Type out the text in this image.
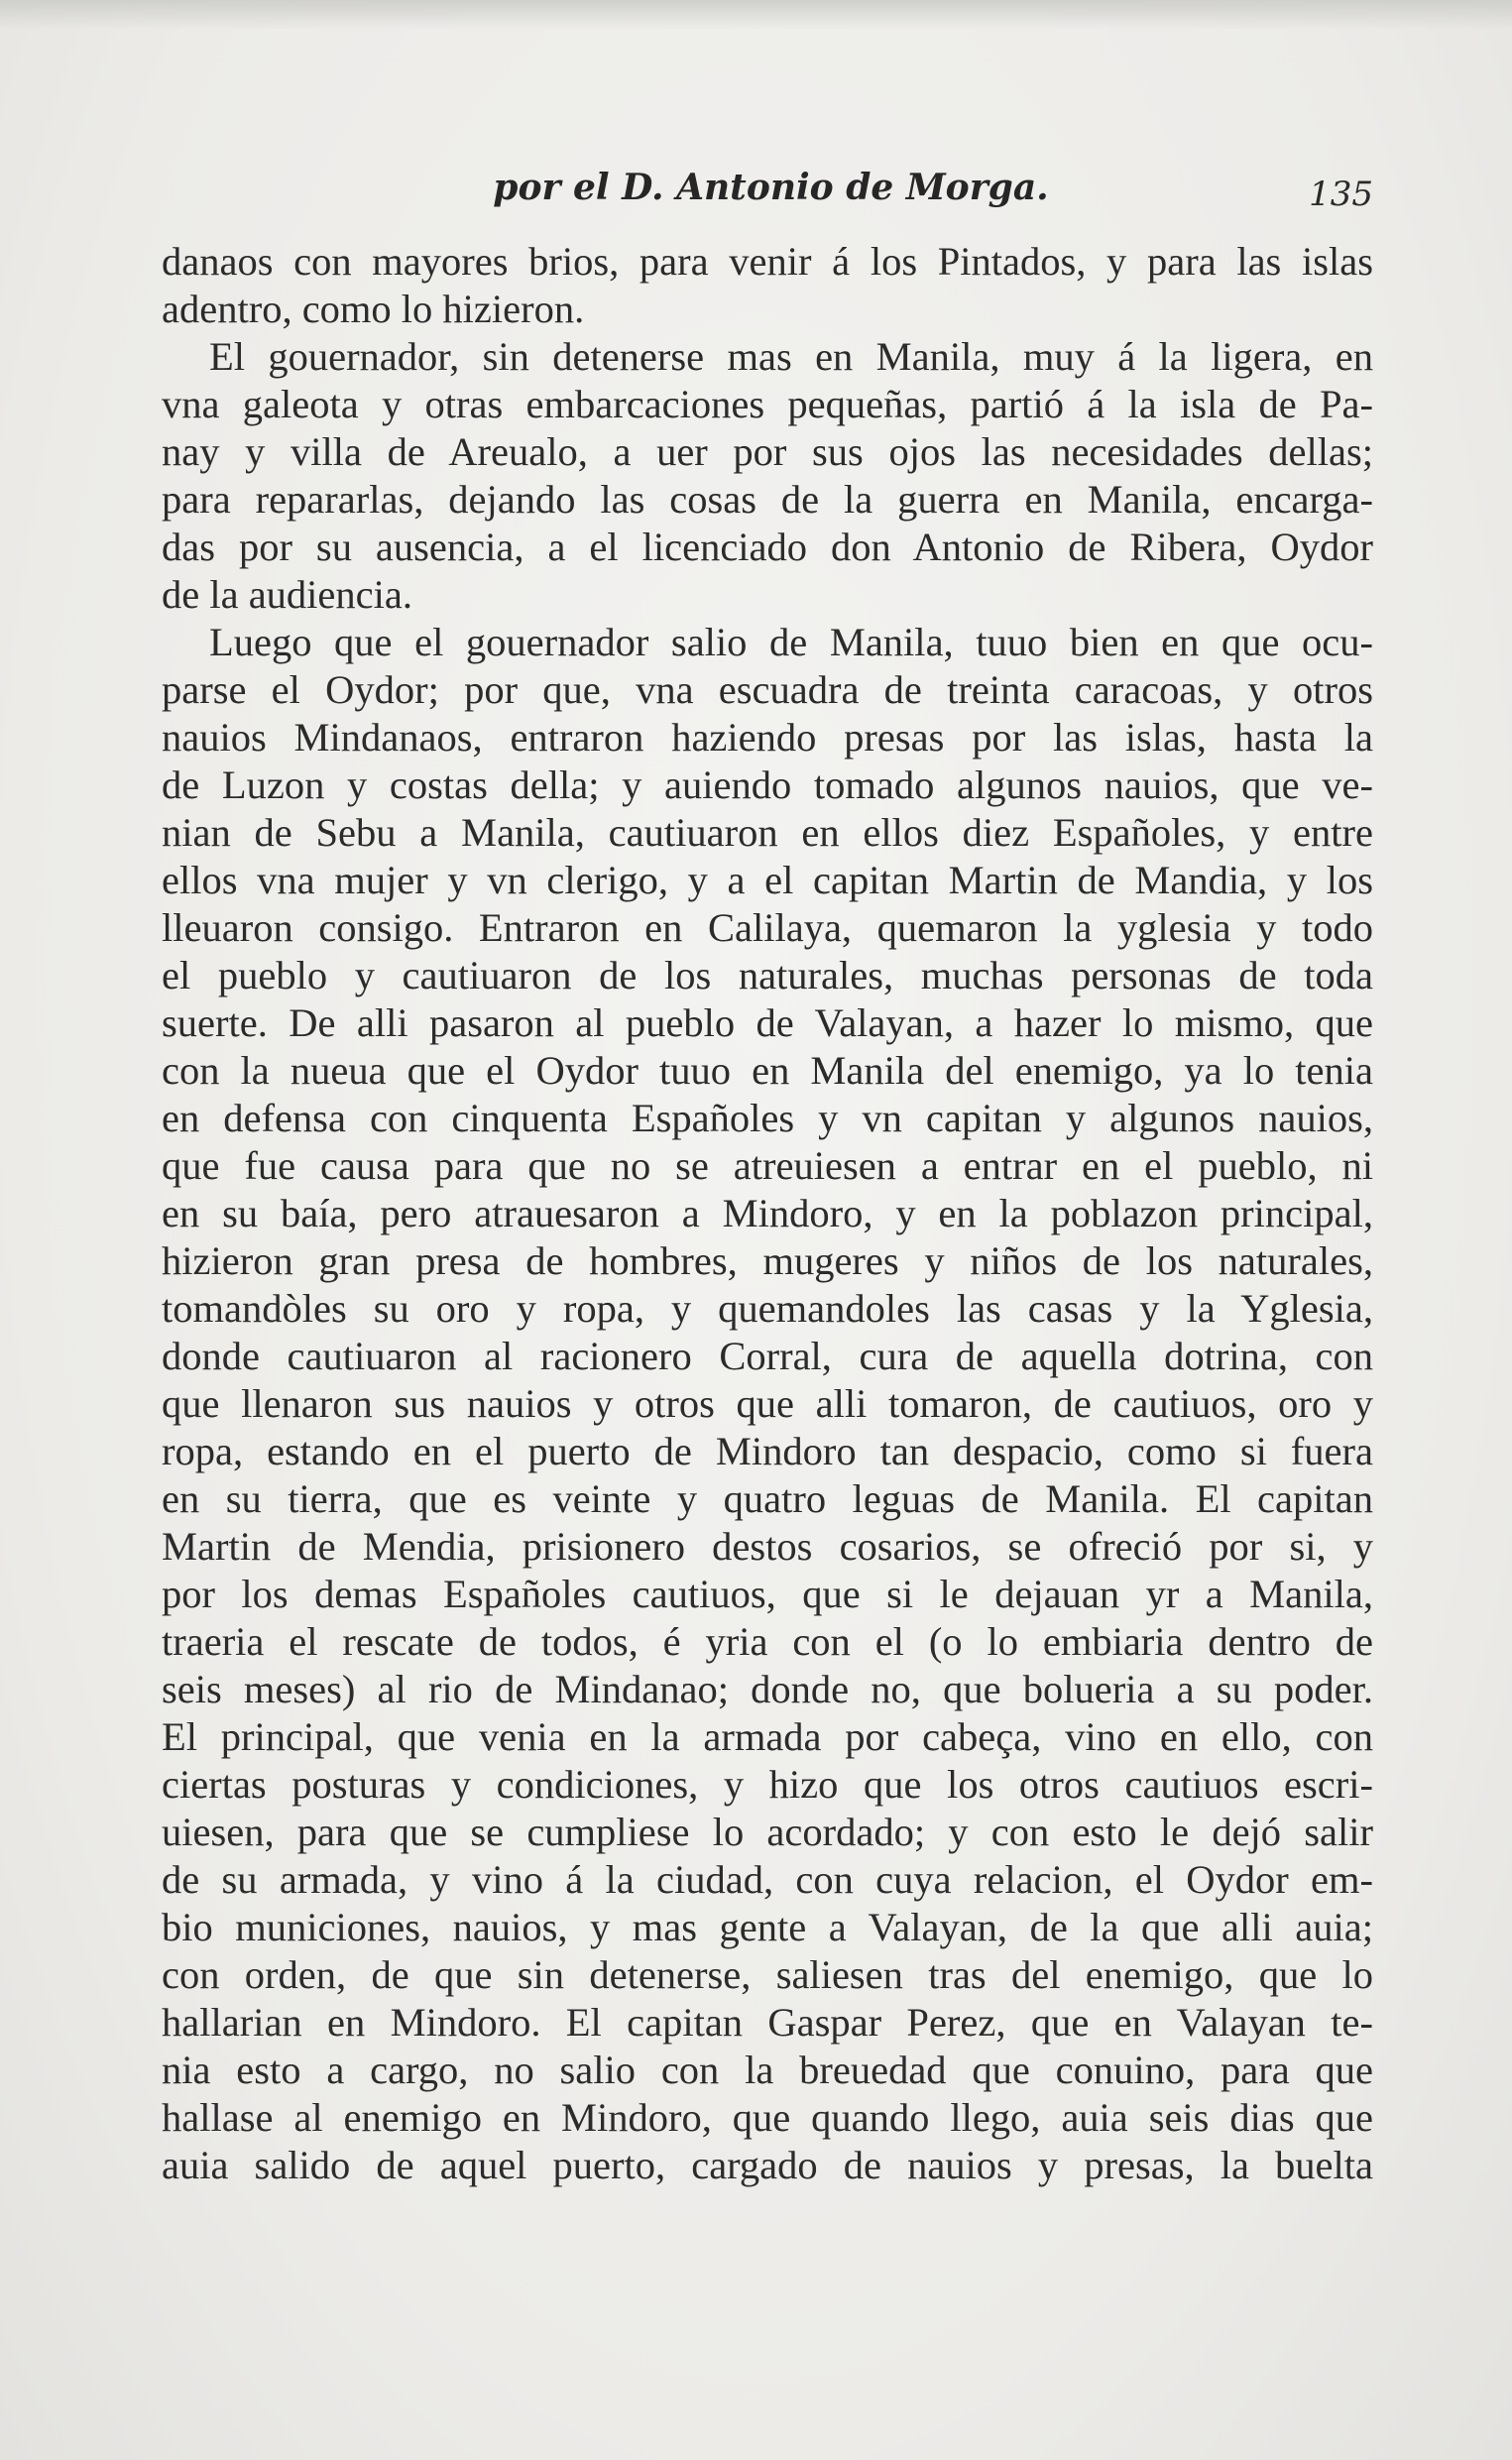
por el D. Antonio de Morga.	135
danaos con mayores brios, para venir á los Pintados, y para las islas
adentro, como lo hizieron.
El gouernador, sin detenerse mas en Manila, muy á la ligera, en
vna galeota y otras embarcaciones pequeñas, partió á la isla de Pa-
nay y villa de Areualo, a uer por sus ojos las necesidades dellas;
para repararlas, dejando las cosas de la guerra en Manila, encarga-
das por su ausencia, a el licenciado don Antonio de Ribera, Oydor
de la audiencia.
Luego que el gouernador salio de Manila, tuuo bien en que ocu-
parse el Oydor; por que, vna escuadra de treinta caracoas, y otros
nauios Mindanaos, entraron haziendo presas por las islas, hasta la
de Luzon y costas della; y auiendo tomado algunos nauios, que ve-
nian de Sebu a Manila, cautiuaron en ellos diez Españoles, y entre
ellos vna mujer y vn clerigo, y a el capitan Martin de Mandia, y los
lleuaron consigo. Entraron en Calilaya, quemaron la yglesia y todo
el pueblo y cautiuaron de los naturales, muchas personas de toda
suerte. De alli pasaron al pueblo de Valayan, a hazer lo mismo, que
con la nueua que el Oydor tuuo en Manila del enemigo, ya lo tenia
en defensa con cinquenta Españoles y vn capitan y algunos nauios,
que fue causa para que no se atreuiesen a entrar en el pueblo, ni
en su baía, pero atrauesaron a Mindoro, y en la poblazon principal,
hizieron gran presa de hombres, mugeres y niños de los naturales,
tomandòles su oro y ropa, y quemandoles las casas y la Yglesia,
donde cautiuaron al racionero Corral, cura de aquella dotrina, con
que llenaron sus nauios y otros que alli tomaron, de cautiuos, oro y
ropa, estando en el puerto de Mindoro tan despacio, como si fuera
en su tierra, que es veinte y quatro leguas de Manila. El capitan
Martin de Mendia, prisionero destos cosarios, se ofreció por si, y
por los demas Españoles cautiuos, que si le dejauan yr a Manila,
traeria el rescate de todos, é yria con el (o lo embiaria dentro de
seis meses) al rio de Mindanao; donde no, que bolueria a su poder.
El principal, que venia en la armada por cabeça, vino en ello, con
ciertas posturas y condiciones, y hizo que los otros cautiuos escri-
uiesen, para que se cumpliese lo acordado; y con esto le dejó salir
de su armada, y vino á la ciudad, con cuya relacion, el Oydor em-
bio municiones, nauios, y mas gente a Valayan, de la que alli auia;
con orden, de que sin detenerse, saliesen tras del enemigo, que lo
hallarian en Mindoro. El capitan Gaspar Perez, que en Valayan te-
nia esto a cargo, no salio con la breuedad que conuino, para que
hallase al enemigo en Mindoro, que quando llego, auia seis dias que
auia salido de aquel puerto, cargado de nauios y presas, la buelta
